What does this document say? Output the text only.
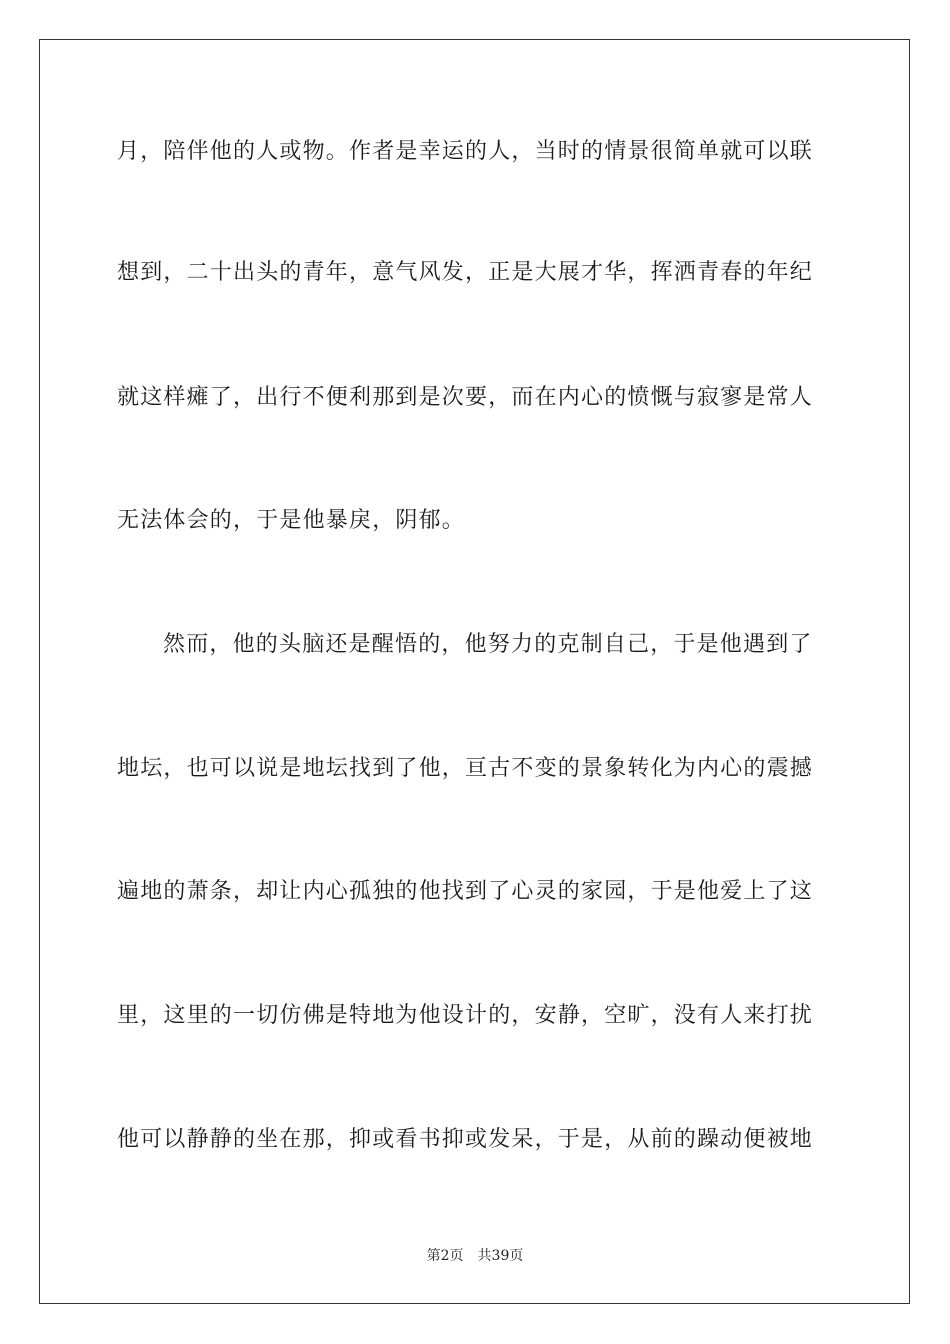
月，陪伴他的人或物。作者是幸运的人，当时的情景很简单就可以联
想到，二十出头的青年，意气风发，正是大展才华，挥洒青春的年纪
就这样瘫了，出行不便利那到是次要，而在内心的愤慨与寂寥是常人
无法体会的，于是他暴戾，阴郁。
然而，他的头脑还是醒悟的，他努力的克制自己，于是他遇到了
地坛，也可以说是地坛找到了他，亘古不变的景象转化为内心的震撼
遍地的萧条，却让内心孤独的他找到了心灵的家园，于是他爱上了这
里，这里的一切仿佛是特地为他设计的，安静，空旷，没有人来打扰
他可以静静的坐在那，抑或看书抑或发呆，于是，从前的躁动便被地
第2页 共39页
